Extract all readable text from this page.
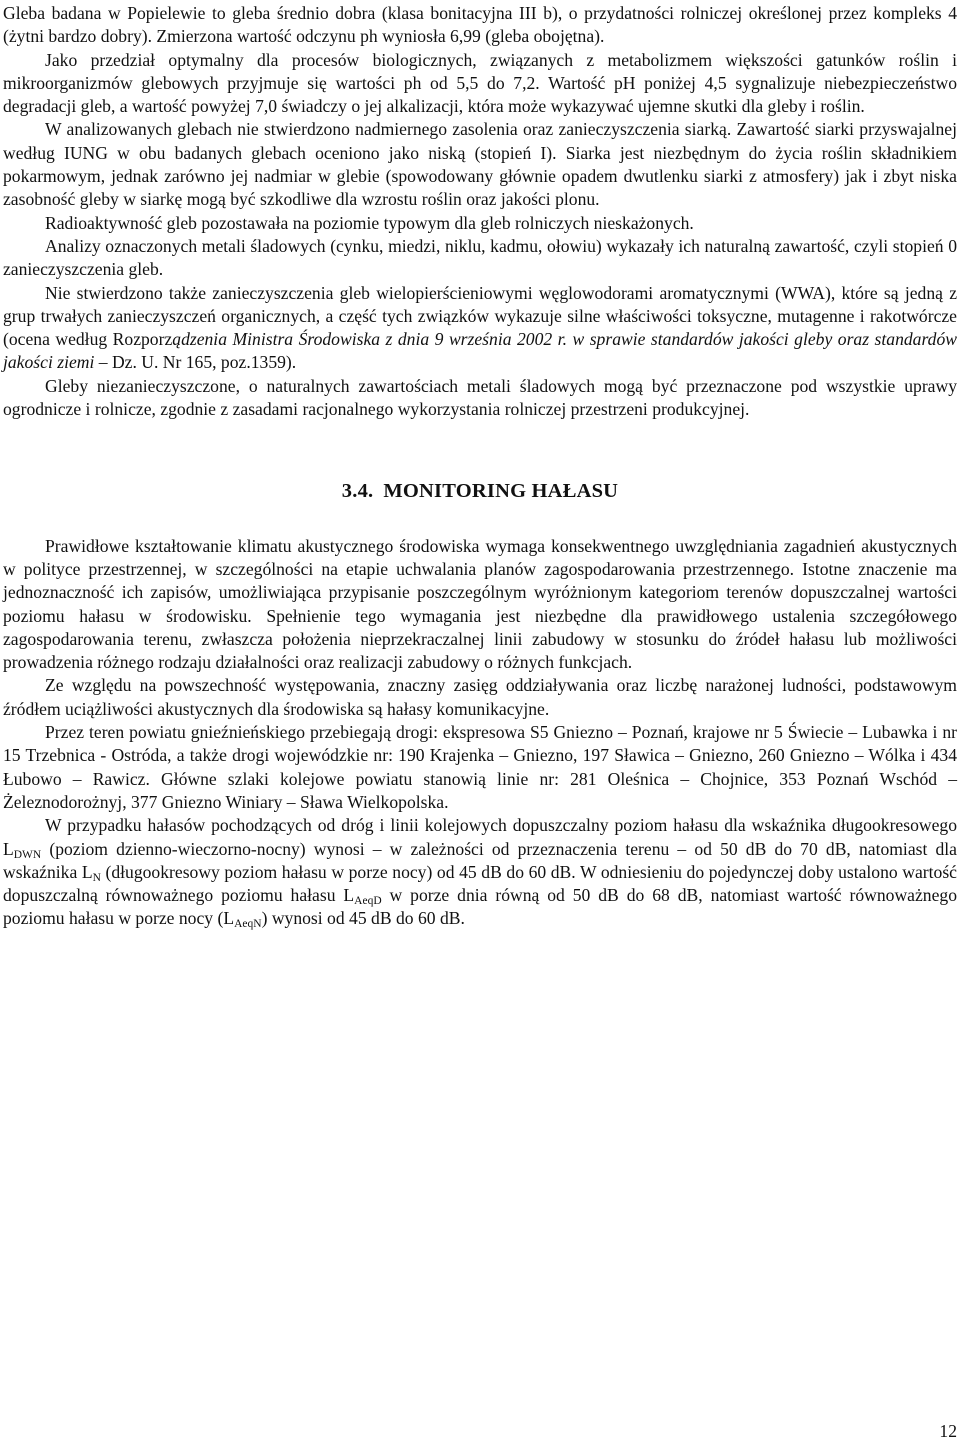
Gleba badana w Popielewie to gleba średnio dobra (klasa bonitacyjna III b), o przydatności rolniczej określonej przez kompleks 4 (żytni bardzo dobry). Zmierzona wartość odczynu ph wyniosła 6,99 (gleba obojętna).

Jako przedział optymalny dla procesów biologicznych, związanych z metabolizmem większości gatunków roślin i mikroorganizmów glebowych przyjmuje się wartości ph od 5,5 do 7,2. Wartość pH poniżej 4,5 sygnalizuje niebezpieczeństwo degradacji gleb, a wartość powyżej 7,0 świadczy o jej alkalizacji, która może wykazywać ujemne skutki dla gleby i roślin.

W analizowanych glebach nie stwierdzono nadmiernego zasolenia oraz zanieczyszczenia siarką. Zawartość siarki przyswajalnej według IUNG w obu badanych glebach oceniono jako niską (stopień I). Siarka jest niezbędnym do życia roślin składnikiem pokarmowym, jednak zarówno jej nadmiar w glebie (spowodowany głównie opadem dwutlenku siarki z atmosfery) jak i zbyt niska zasobność gleby w siarkę mogą być szkodliwe dla wzrostu roślin oraz jakości plonu.

Radioaktywność gleb pozostawała na poziomie typowym dla gleb rolniczych nieskażonych.

Analizy oznaczonych metali śladowych (cynku, miedzi, niklu, kadmu, ołowiu) wykazały ich naturalną zawartość, czyli stopień 0 zanieczyszczenia gleb.

Nie stwierdzono także zanieczyszczenia gleb wielopierścieniowymi węglowodorami aromatycznymi (WWA), które są jedną z grup trwałych zanieczyszczeń organicznych, a część tych związków wykazuje silne właściwości toksyczne, mutagenne i rakotwórcze (ocena według Rozporządzenia Ministra Środowiska z dnia 9 września 2002 r. w sprawie standardów jakości gleby oraz standardów jakości ziemi – Dz. U. Nr 165, poz.1359).

Gleby niezanieczyszczone, o naturalnych zawartościach metali śladowych mogą być przeznaczone pod wszystkie uprawy ogrodnicze i rolnicze, zgodnie z zasadami racjonalnego wykorzystania rolniczej przestrzeni produkcyjnej.

3.4. MONITORING HAŁASU

Prawidłowe kształtowanie klimatu akustycznego środowiska wymaga konsekwentnego uwzględniania zagadnień akustycznych w polityce przestrzennej, w szczególności na etapie uchwalania planów zagospodarowania przestrzennego. Istotne znaczenie ma jednoznaczność ich zapisów, umożliwiająca przypisanie poszczególnym wyróżnionym kategoriom terenów dopuszczalnej wartości poziomu hałasu w środowisku. Spełnienie tego wymagania jest niezbędne dla prawidłowego ustalenia szczegółowego zagospodarowania terenu, zwłaszcza położenia nieprzekraczalnej linii zabudowy w stosunku do źródeł hałasu lub możliwości prowadzenia różnego rodzaju działalności oraz realizacji zabudowy o różnych funkcjach.

Ze względu na powszechność występowania, znaczny zasięg oddziaływania oraz liczbę narażonej ludności, podstawowym źródłem uciążliwości akustycznych dla środowiska są hałasy komunikacyjne.

Przez teren powiatu gnieźnieńskiego przebiegają drogi: ekspresowa S5 Gniezno – Poznań, krajowe nr 5 Świecie – Lubawka i nr 15 Trzebnica - Ostróda, a także drogi wojewódzkie nr: 190 Krajenka – Gniezno, 197 Sławica – Gniezno, 260 Gniezno – Wólka i 434 Łubowo – Rawicz. Główne szlaki kolejowe powiatu stanowią linie nr: 281 Oleśnica – Chojnice, 353 Poznań Wschód – Żeleznodorożnyj, 377 Gniezno Winiary – Sława Wielkopolska.

W przypadku hałasów pochodzących od dróg i linii kolejowych dopuszczalny poziom hałasu dla wskaźnika długookresowego $L_{DWN}$ (poziom dzienno-wieczorno-nocny) wynosi – w zależności od przeznaczenia terenu – od 50 dB do 70 dB, natomiast dla wskaźnika $L_N$ (długookresowy poziom hałasu w porze nocy) od 45 dB do 60 dB. W odniesieniu do pojedynczej doby ustalono wartość dopuszczalną równoważnego poziomu hałasu $L_{AeqD}$ w porze dnia równą od 50 dB do 68 dB, natomiast wartość równoważnego poziomu hałasu w porze nocy $(L_{AeqN})$ wynosi od 45 dB do 60 dB.

12
